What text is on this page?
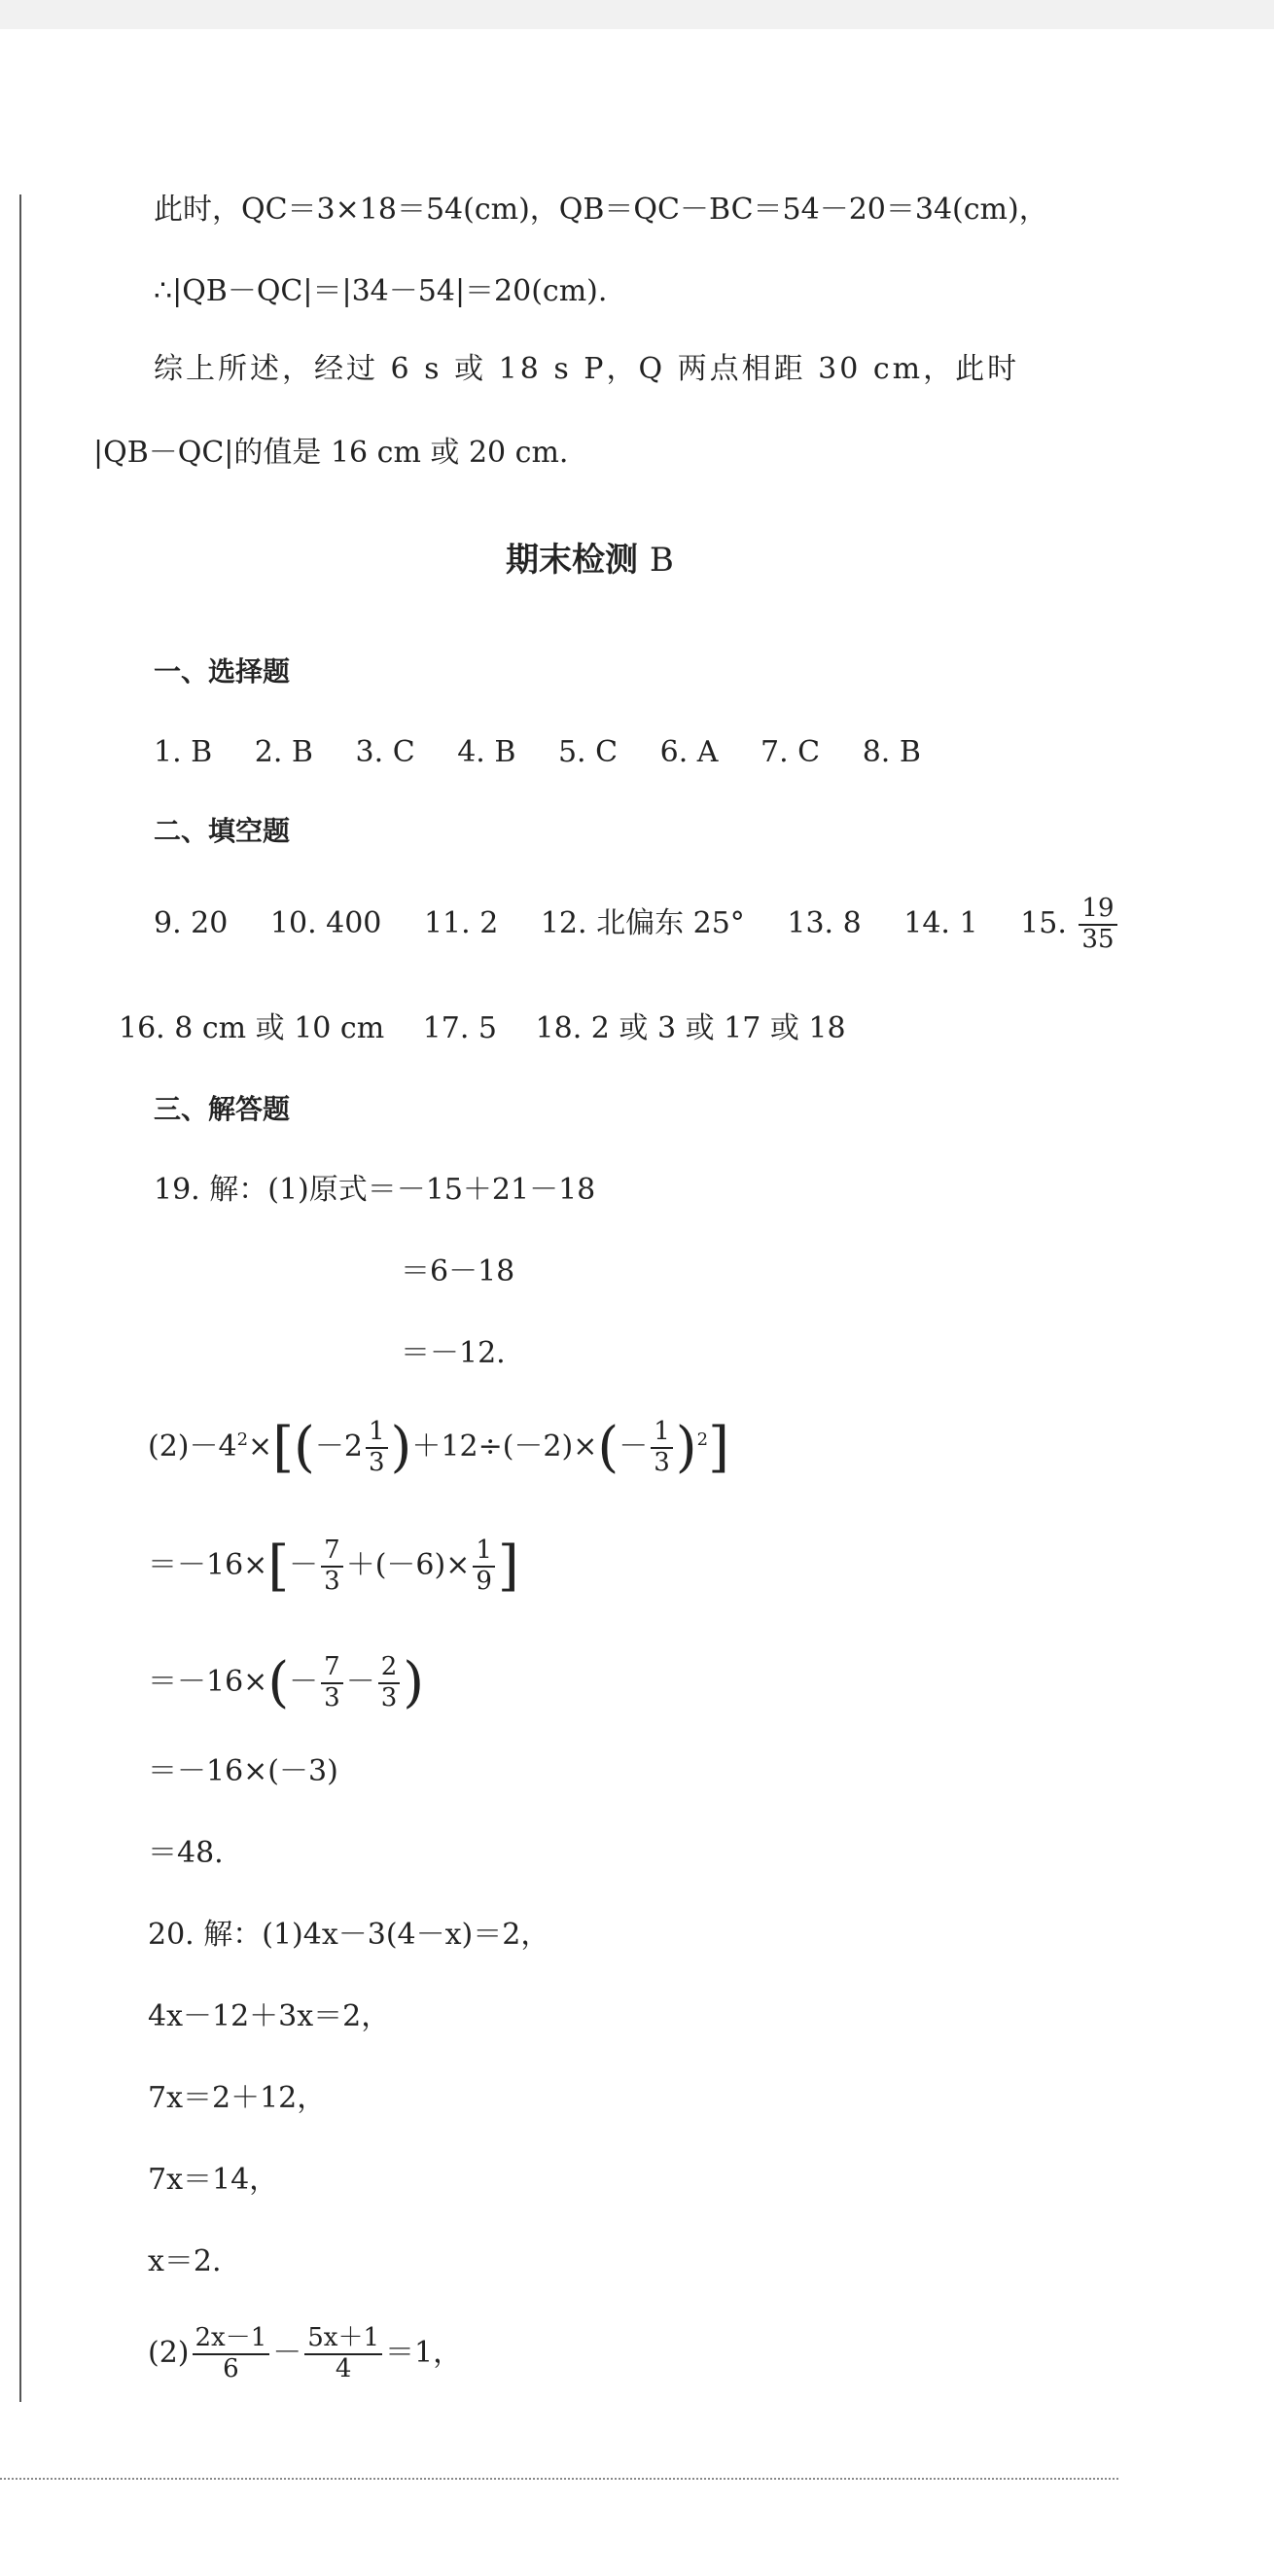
此时，QC＝3×18＝54(cm)，QB＝QC－BC＝54－20＝34(cm)，
∴|QB－QC|＝|34－54|＝20(cm).
综上所述，经过 6 s 或 18 s P，Q 两点相距 30 cm，此时
|QB－QC|的值是 16 cm 或 20 cm.
期末检测 B
一、选择题
1. B 2. B 3. C 4. B 5. C 6. A 7. C 8. B
二、填空题
9. 20 10. 400 11. 2 12. 北偏东 25° 13. 8 14. 1 15. $\frac{19}{35}$
16. 8 cm 或 10 cm　 17. 5　 18. 2 或 3 或 17 或 18
三、解答题
19. 解：(1)原式＝－15＋21－18
＝6－18
＝－12.
$(2)-4^2\times[(-2 \frac{1}{3} )+12\div(-2)\times(- \frac{1}{3} )^2]$
$=-16\times[- \frac{7}{3} +(-6)\times \frac{1}{9}$ ]
$=-16\times(- \frac{7}{3} - \frac{2}{3}$ )
＝－16×(－3)
＝48.
20. 解：(1)4x－3(4－x)＝2，
4x－12＋3x＝2，
7x＝2＋12，
7x＝14，
x＝2.
$(2) \frac{2x-1}{6} - \frac{5x+1}{4} =1$，
